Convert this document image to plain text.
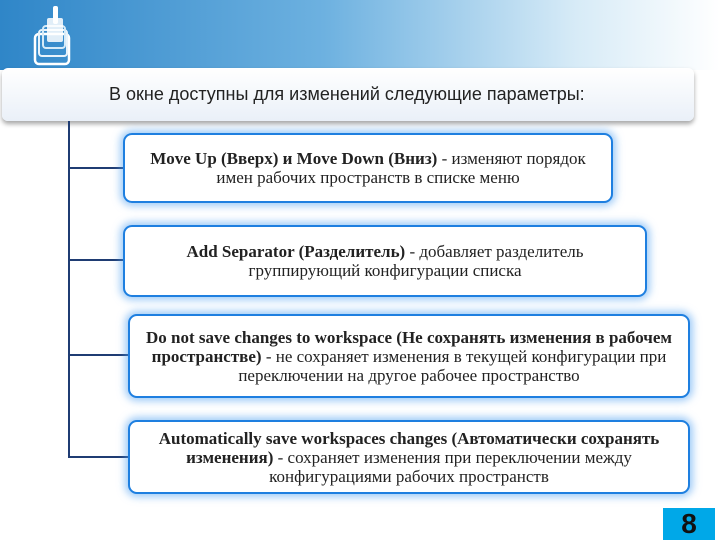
В окне доступны для изменений следующие параметры:
Move Up (Вверх) и Move Down (Вниз) - изменяют порядок имен рабочих пространств в списке меню
Add Separator (Разделитель) - добавляет разделитель группирующий конфигурации списка
Do not save changes to workspace (Не сохранять изменения в рабочем пространстве) - не сохраняет изменения в текущей конфигурации при переключении на другое рабочее пространство
Automatically save workspaces changes (Автоматически сохранять изменения) - сохраняет изменения при переключении между конфигурациями рабочих пространств
8
